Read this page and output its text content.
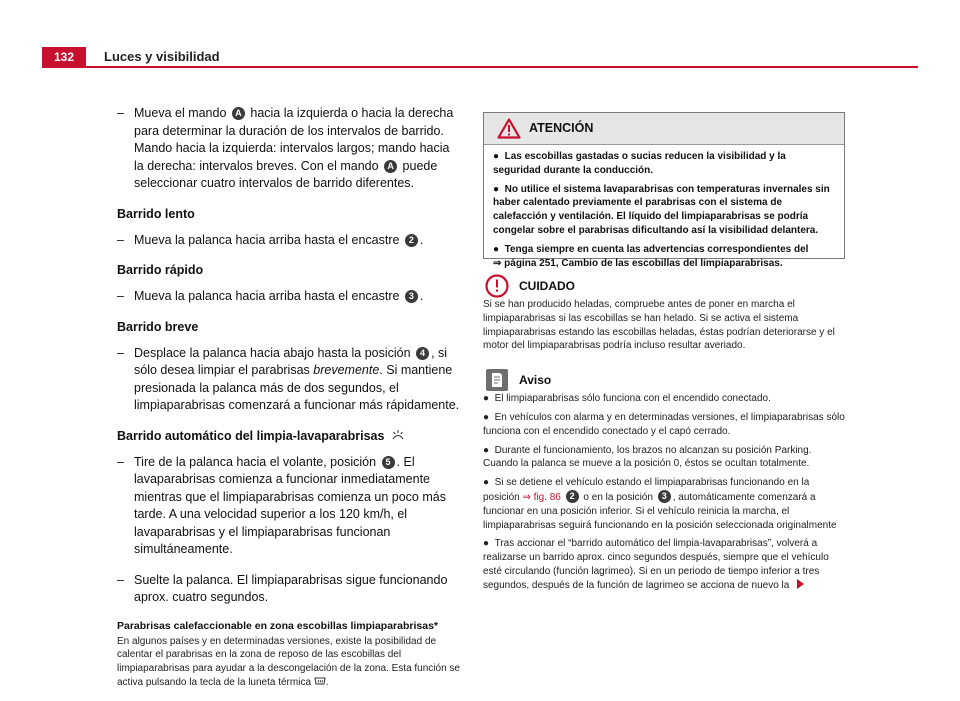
132	Luces y visibilidad
– Mueva el mando A hacia la izquierda o hacia la derecha para determinar la duración de los intervalos de barrido. Mando hacia la izquierda: intervalos largos; mando hacia la derecha: intervalos breves. Con el mando A puede seleccionar cuatro intervalos de barrido diferentes.
Barrido lento
– Mueva la palanca hacia arriba hasta el encastre 2 .
Barrido rápido
– Mueva la palanca hacia arriba hasta el encastre 3 .
Barrido breve
– Desplace la palanca hacia abajo hasta la posición 4 , si sólo desea limpiar el parabrisas brevemente. Si mantiene presionada la palanca más de dos segundos, el limpiaparabrisas comenzará a funcionar más rápidamente.
Barrido automático del limpia-lavaparabrisas
– Tire de la palanca hacia el volante, posición 5 . El lavaparabrisas comienza a funcionar inmediatamente mientras que el limpiaparabrisas comienza un poco más tarde. A una velocidad superior a los 120 km/h, el lavaparabrisas y el limpiaparabrisas funcionan simultáneamente.
– Suelte la palanca. El limpiaparabrisas sigue funcionando aprox. cuatro segundos.
Parabrisas calefaccionable en zona escobillas limpiaparabrisas*
En algunos países y en determinadas versiones, existe la posibilidad de calentar el parabrisas en la zona de reposo de las escobillas del limpiaparabrisas para ayudar a la descongelación de la zona. Esta función se activa pulsando la tecla de la luneta térmica .
ATENCIÓN

● Las escobillas gastadas o sucias reducen la visibilidad y la seguridad durante la conducción.

● No utilice el sistema lavaparabrisas con temperaturas invernales sin haber calentado previamente el parabrisas con el sistema de calefacción y ventilación. El líquido del limpiaparabrisas se podría congelar sobre el parabrisas dificultando así la visibilidad delantera.

● Tenga siempre en cuenta las advertencias correspondientes del
⇒ página 251, Cambio de las escobillas del limpiaparabrisas.

CUIDADO

Si se han producido heladas, compruebe antes de poner en marcha el limpiaparabrisas si las escobillas se han helado. Si se activa el sistema limpiaparabrisas estando las escobillas heladas, éstas podrían deteriorarse y el motor del limpiaparabrisas podría incluso resultar averiado.

Aviso

● El limpiaparabrisas sólo funciona con el encendido conectado.

● En vehículos con alarma y en determinadas versiones, el limpiaparabrisas sólo funciona con el encendido conectado y el capó cerrado.

● Durante el funcionamiento, los brazos no alcanzan su posición Parking. Cuando la palanca se mueve a la posición 0, éstos se ocultan totalmente.

● Si se detiene el vehículo estando el limpiaparabrisas funcionando en la posición ⇒ fig. 86 2 o en la posición 3 , automáticamente comenzará a funcionar en una posición inferior. Si el vehículo reinicia la marcha, el limpiaparabrisas seguirá funcionando en la posición seleccionada originalmente

● Tras accionar el “barrido automático del limpia-lavaparabrisas”, volverá a realizarse un barrido aprox. cinco segundos después, siempre que el vehículo esté circulando (función lagrimeo). Si en un periodo de tiempo inferior a tres segundos, después de la función de lagrimeo se acciona de nuevo la
